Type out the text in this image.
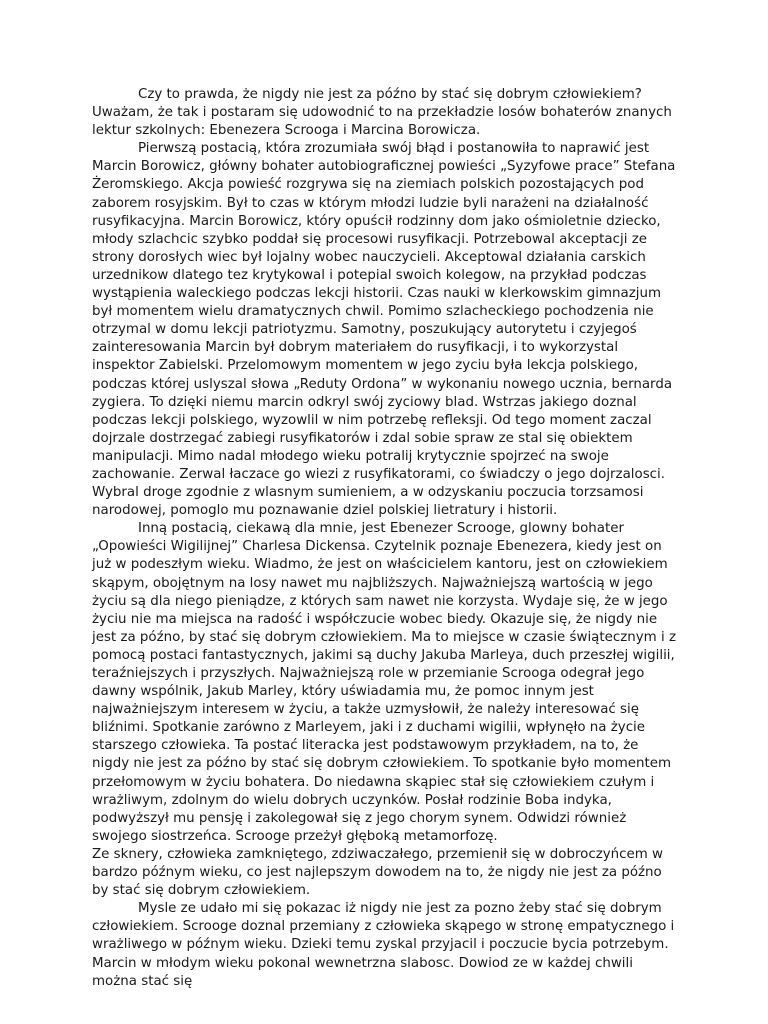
Czy to prawda, że nigdy nie jest za późno by stać się dobrym człowiekiem? Uważam, że tak i postaram się udowodnić to na przekładzie losów bohaterów znanych lektur szkolnych: Ebenezera Scrooga i Marcina Borowicza.

Pierwszą postacią, która zrozumiała swój błąd i postanowiła to naprawić jest Marcin Borowicz, główny bohater autobiograficznej powieści „Syzyfowe prace” Stefana Żeromskiego. Akcja powieść rozgrywa się na ziemiach polskich pozostających pod zaborem rosyjskim. Był to czas w którym młodzi ludzie byli narażeni na działalność rusyfikacyjna. Marcin Borowicz, który opuścił rodzinny dom jako ośmioletnie dziecko, młody szlachcic szybko poddał się procesowi rusyfikacji. Potrzebowal akceptacji ze strony dorosłych wiec był lojalny wobec nauczycieli. Akceptowal działania carskich urzednikow dlatego tez krytykowal i potepial swoich kolegow, na przykład podczas wystąpienia waleckiego podczas lekcji historii. Czas nauki w klerkowskim gimnazjum był momentem wielu dramatycznych chwil. Pomimo szlacheckiego pochodzenia nie otrzymal w domu lekcji patriotyzmu. Samotny, poszukujący autorytetu i czyjegoś zainteresowania Marcin był dobrym materiałem do rusyfikacji, i to wykorzystal inspektor Zabielski. Przelomowym momentem w jego zyciu była lekcja polskiego, podczas której uslyszal słowa „Reduty Ordona” w wykonaniu nowego ucznia, bernarda zygiera. To dzięki niemu marcin odkryl swój zyciowy blad. Wstrzas jakiego doznal podczas lekcji polskiego, wyzowlil w nim potrzebę refleksji. Od tego moment zaczal dojrzale dostrzegać zabiegi rusyfikatorów i zdal sobie spraw ze stal się obiektem manipulacji. Mimo nadal młodego wieku potralij krytycznie spojrzeć na swoje zachowanie. Zerwal łaczace go wiezi z rusyfikatorami, co świadczy o jego dojrzalosci. Wybral droge zgodnie z wlasnym sumieniem, a w odzyskaniu poczucia torzsamosi narodowej, pomoglo mu poznawanie dziel polskiej lietratury i historii.

Inną postacią, ciekawą dla mnie, jest Ebenezer Scrooge, glowny bohater „Opowieści Wigilijnej” Charlesa Dickensa. Czytelnik poznaje Ebenezera, kiedy jest on już w podeszłym wieku. Wiadmo, że jest on właścicielem kantoru, jest on człowiekiem skąpym, obojętnym na losy nawet mu najbliższych. Najważniejszą wartością w jego życiu są dla niego pieniądze, z których sam nawet nie korzysta. Wydaje się, że w jego życiu nie ma miejsca na radość i współczucie wobec biedy. Okazuje się, że nigdy nie jest za późno, by stać się dobrym człowiekiem. Ma to miejsce w czasie świątecznym i z pomocą postaci fantastycznych, jakimi są duchy Jakuba Marleya, duch przeszłej wigilii, teraźniejszych i przyszłych. Najważniejszą role w przemianie Scrooga odegrał jego dawny wspólnik, Jakub Marley, który uświadamia mu, że pomoc innym jest najważniejszym interesem w życiu, a także uzmysłowił, że należy interesować się bliźnimi. Spotkanie zarówno z Marleyem, jaki i z duchami wigilii, wpłynęło na życie starszego człowieka. Ta postać literacka jest podstawowym przykładem, na to, że nigdy nie jest za późno by stać się dobrym człowiekiem. To spotkanie było momentem przełomowym w życiu bohatera. Do niedawna skąpiec stał się człowiekiem czułym i wrażliwym, zdolnym do wielu dobrych uczynków. Posłał rodzinie Boba indyka, podwyższył mu pensję i zakolegował się z jego chorym synem. Odwidzi również swojego siostrzeńca. Scrooge przeżył głęboką metamorfozę.

Ze sknery, człowieka zamkniętego, zdziwaczałego, przemienił się w dobroczyńcem w bardzo późnym wieku, co jest najlepszym dowodem na to, że nigdy nie jest za późno by stać się dobrym człowiekiem.

Mysle ze udało mi się pokazac iż nigdy nie jest za pozno żeby stać się dobrym człowiekiem. Scrooge doznal przemiany z człowieka skąpego w stronę empatycznego i wrażliwego w późnym wieku. Dzieki temu zyskal przyjacil i poczucie bycia potrzebym. Marcin w młodym wieku pokonal wewnetrzna slabosc. Dowiod ze w każdej chwili można stać się
